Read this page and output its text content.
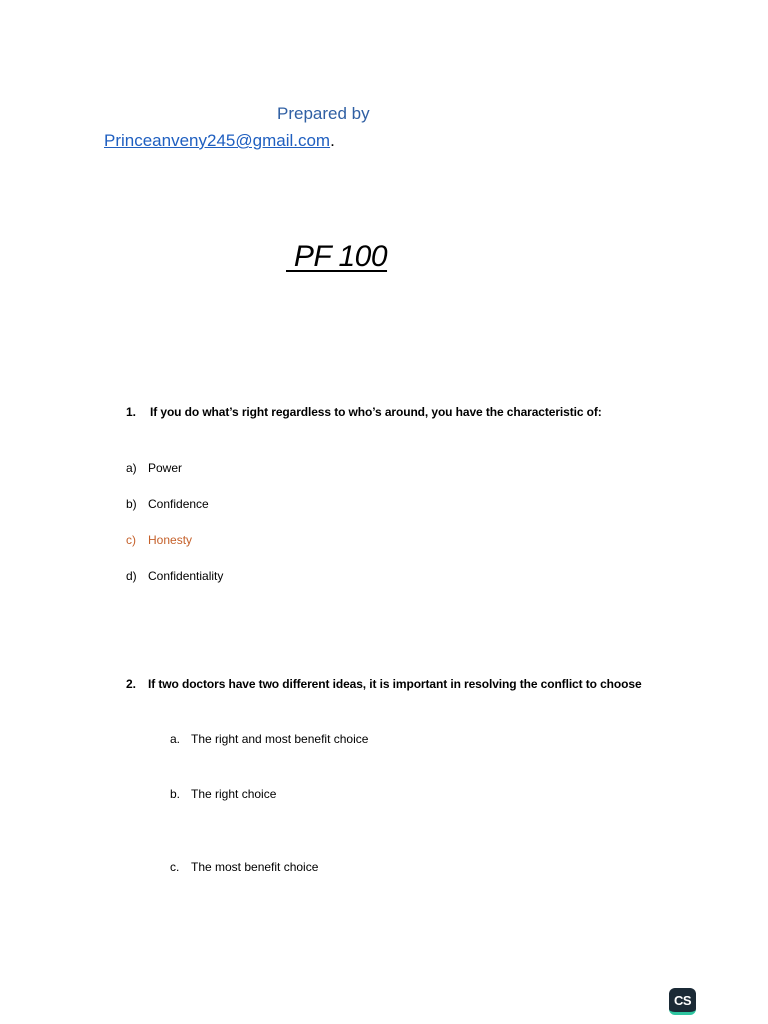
Prepared by
Princeanveny245@gmail.com.
PF 100
1. If you do what’s right regardless to who’s around, you have the characteristic of:
a) Power
b) Confidence
c) Honesty
d) Confidentiality
2. If two doctors have two different ideas, it is important in resolving the conflict to choose
a. The right and most benefit choice
b. The right choice
c. The most benefit choice
CS
